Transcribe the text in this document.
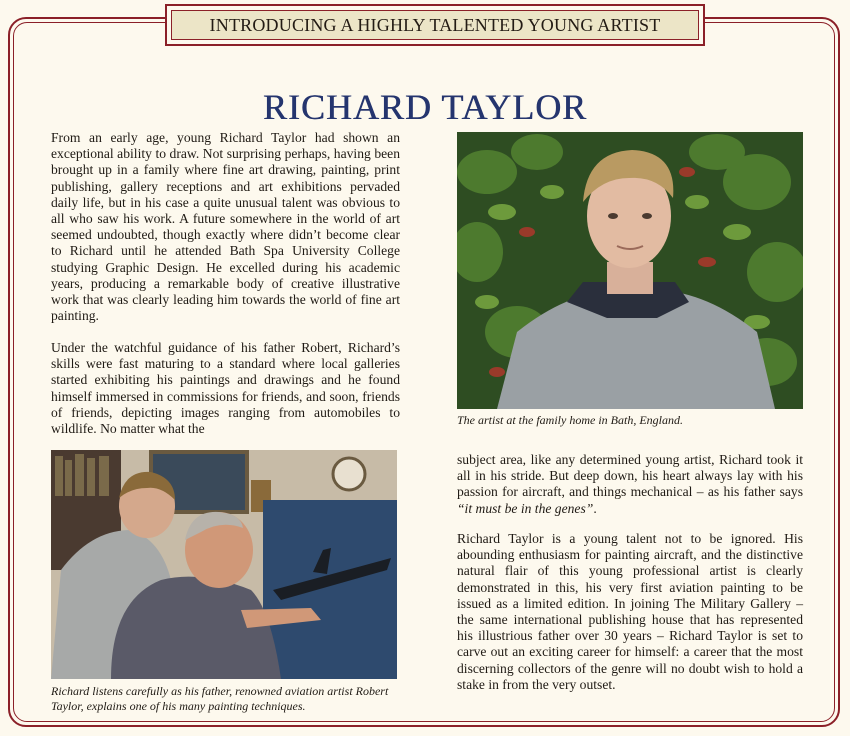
INTRODUCING A HIGHLY TALENTED YOUNG ARTIST
RICHARD TAYLOR

From an early age, young Richard Taylor had shown an exceptional ability to draw. Not surprising perhaps, having been brought up in a family where fine art drawing, painting, print publishing, gallery receptions and art exhibitions pervaded daily life, but in his case a quite unusual talent was obvious to all who saw his work. A future somewhere in the world of art seemed undoubted, though exactly where didn’t become clear to Richard until he attended Bath Spa University College studying Graphic Design. He excelled during his academic years, producing a remarkable body of creative illustrative work that was clearly leading him towards the world of fine art painting.

Under the watchful guidance of his father Robert, Richard’s skills were fast maturing to a standard where local galleries started exhibiting his paintings and drawings and he found himself immersed in commissions for friends, and soon, friends of friends, depicting images ranging from automobiles to wildlife. No matter what the

The artist at the family home in Bath, England.

Richard listens carefully as his father, renowned aviation artist Robert Taylor, explains one of his many painting techniques.

subject area, like any determined young artist, Richard took it all in his stride. But deep down, his heart always lay with his passion for aircraft, and things mechanical – as his father says “it must be in the genes”.

Richard Taylor is a young talent not to be ignored. His abounding enthusiasm for painting aircraft, and the distinctive natural flair of this young professional artist is clearly demonstrated in this, his very first aviation painting to be issued as a limited edition. In joining The Military Gallery – the same international publishing house that has represented his illustrious father over 30 years – Richard Taylor is set to carve out an exciting career for himself: a career that the most discerning collectors of the genre will no doubt wish to hold a stake in from the very outset.
